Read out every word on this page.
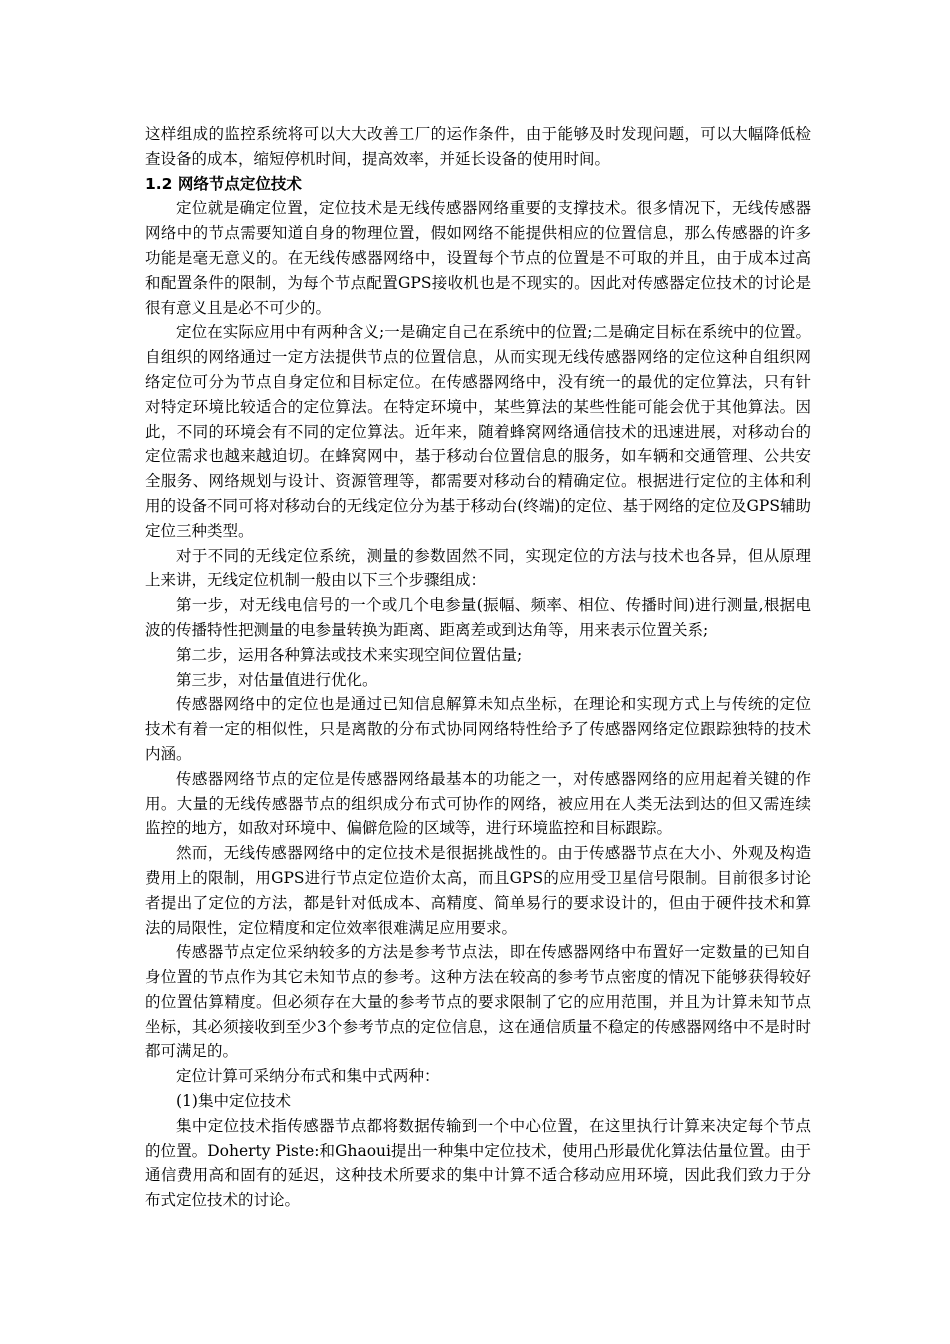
这样组成的监控系统将可以大大改善工厂的运作条件，由于能够及时发现问题，可以大幅降低检查设备的成本，缩短停机时间，提高效率，并延长设备的使用时间。

1.2 网络节点定位技术

定位就是确定位置，定位技术是无线传感器网络重要的支撑技术。很多情况下，无线传感器网络中的节点需要知道自身的物理位置，假如网络不能提供相应的位置信息，那么传感器的许多功能是毫无意义的。在无线传感器网络中，设置每个节点的位置是不可取的并且，由于成本过高和配置条件的限制，为每个节点配置GPS接收机也是不现实的。因此对传感器定位技术的讨论是很有意义且是必不可少的。

定位在实际应用中有两种含义;一是确定自己在系统中的位置;二是确定目标在系统中的位置。自组织的网络通过一定方法提供节点的位置信息，从而实现无线传感器网络的定位这种自组织网络定位可分为节点自身定位和目标定位。在传感器网络中，没有统一的最优的定位算法，只有针对特定环境比较适合的定位算法。在特定环境中，某些算法的某些性能可能会优于其他算法。因此，不同的环境会有不同的定位算法。近年来，随着蜂窝网络通信技术的迅速进展，对移动台的定位需求也越来越迫切。在蜂窝网中，基于移动台位置信息的服务，如车辆和交通管理、公共安全服务、网络规划与设计、资源管理等，都需要对移动台的精确定位。根据进行定位的主体和利用的设备不同可将对移动台的无线定位分为基于移动台(终端)的定位、基于网络的定位及GPS辅助定位三种类型。

对于不同的无线定位系统，测量的参数固然不同，实现定位的方法与技术也各异，但从原理上来讲，无线定位机制一般由以下三个步骤组成：

第一步，对无线电信号的一个或几个电参量(振幅、频率、相位、传播时间)进行测量,根据电波的传播特性把测量的电参量转换为距离、距离差或到达角等，用来表示位置关系;

第二步，运用各种算法或技术来实现空间位置估量;

第三步，对估量值进行优化。

传感器网络中的定位也是通过已知信息解算未知点坐标，在理论和实现方式上与传统的定位技术有着一定的相似性，只是离散的分布式协同网络特性给予了传感器网络定位跟踪独特的技术内涵。

传感器网络节点的定位是传感器网络最基本的功能之一，对传感器网络的应用起着关键的作用。大量的无线传感器节点的组织成分布式可协作的网络，被应用在人类无法到达的但又需连续监控的地方，如敌对环境中、偏僻危险的区域等，进行环境监控和目标跟踪。

然而，无线传感器网络中的定位技术是很据挑战性的。由于传感器节点在大小、外观及构造费用上的限制，用GPS进行节点定位造价太高，而且GPS的应用受卫星信号限制。目前很多讨论者提出了定位的方法，都是针对低成本、高精度、简单易行的要求设计的，但由于硬件技术和算法的局限性，定位精度和定位效率很难满足应用要求。

传感器节点定位采纳较多的方法是参考节点法，即在传感器网络中布置好一定数量的已知自身位置的节点作为其它未知节点的参考。这种方法在较高的参考节点密度的情况下能够获得较好的位置估算精度。但必须存在大量的参考节点的要求限制了它的应用范围，并且为计算未知节点坐标，其必须接收到至少3个参考节点的定位信息，这在通信质量不稳定的传感器网络中不是时时都可满足的。

定位计算可采纳分布式和集中式两种：

(1)集中定位技术

集中定位技术指传感器节点都将数据传输到一个中心位置，在这里执行计算来决定每个节点的位置。Doherty Piste:和Ghaoui提出一种集中定位技术，使用凸形最优化算法估量位置。由于通信费用高和固有的延迟，这种技术所要求的集中计算不适合移动应用环境，因此我们致力于分布式定位技术的讨论。
